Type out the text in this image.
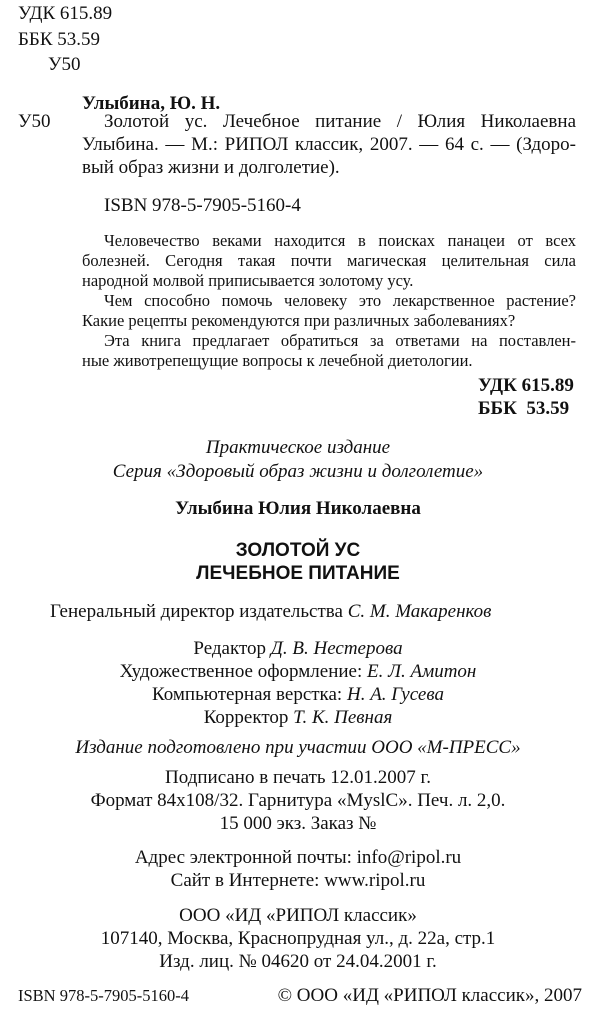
УДК 615.89
ББК 53.59
У50
Улыбина, Ю. Н.
У50	Золотой ус. Лечебное питание / Юлия Николаевна
Улыбина. — М.: РИПОЛ классик, 2007. — 64 с. — (Здоро-
вый образ жизни и долголетие).
ISBN 978-5-7905-5160-4
Человечество веками находится в поисках панацеи от всех
болезней. Сегодня такая почти магическая целительная сила
народной молвой приписывается золотому усу.
Чем способно помочь человеку это лекарственное растение?
Какие рецепты рекомендуются при различных заболеваниях?
Эта книга предлагает обратиться за ответами на поставлен-
ные животрепещущие вопросы к лечебной диетологии.
УДК 615.89
ББК  53.59
Практическое издание
Серия «Здоровый образ жизни и долголетие»
Улыбина Юлия Николаевна
ЗОЛОТОЙ УС
ЛЕЧЕБНОЕ ПИТАНИЕ
Генеральный директор издательства С. М. Макаренков
Редактор Д. В. Нестерова
Художественное оформление: Е. Л. Амитон
Компьютерная верстка: Н. А. Гусева
Корректор Т. К. Певная
Издание подготовлено при участии ООО «М-ПРЕСС»
Подписано в печать 12.01.2007 г.
Формат 84х108/32. Гарнитура «MyslC». Печ. л. 2,0.
15 000 экз. Заказ №
Адрес электронной почты: info@ripol.ru
Сайт в Интернете: www.ripol.ru
ООО «ИД «РИПОЛ классик»
107140, Москва, Краснопрудная ул., д. 22а, стр.1
Изд. лиц. № 04620 от 24.04.2001 г.
ISBN 978-5-7905-5160-4	© ООО «ИД «РИПОЛ классик», 2007
